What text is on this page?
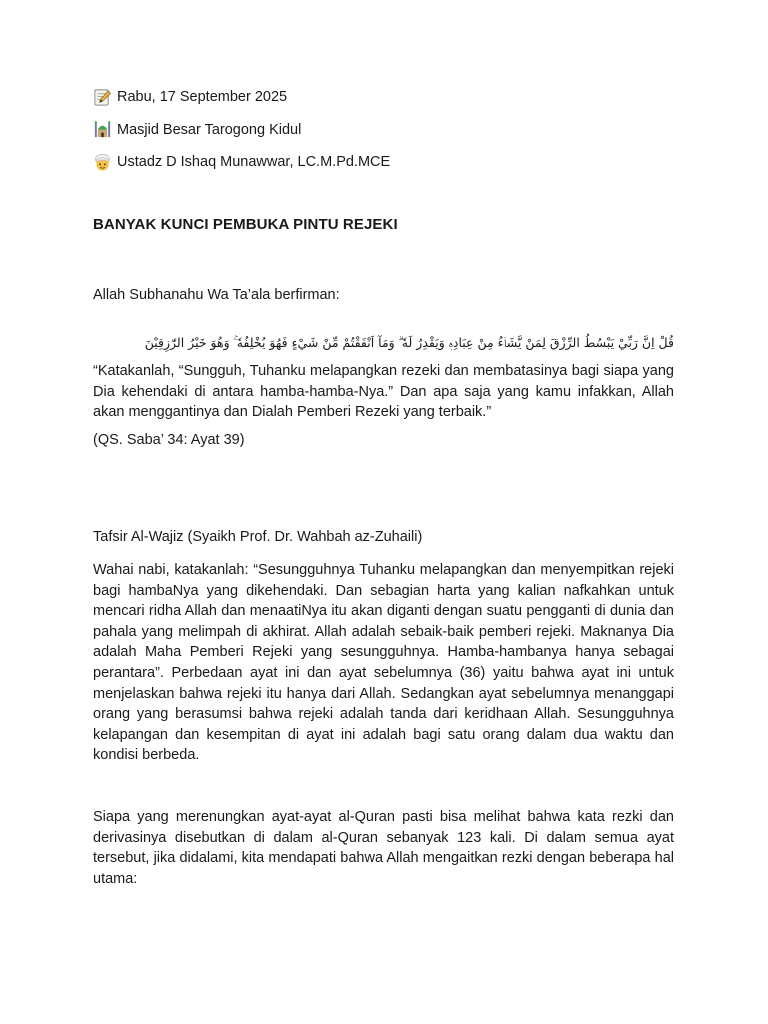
Rabu, 17 September 2025
Masjid Besar Tarogong Kidul
Ustadz D Ishaq Munawwar, LC.M.Pd.MCE
BANYAK KUNCI PEMBUKA PINTU REJEKI
Allah Subhanahu Wa Ta’ala berfirman:
قُلْ اِنَّ رَبِّيْ يَبْسُطُ الرِّزْقَ لِمَنْ يَّشَاۤءُ مِنْ عِبَادِهٖ وَيَقْدِرُ لَهٗ ۗ وَمَآ اَنْفَقْتُمْ مِّنْ شَيْءٍ فَهُوَ يُخْلِفُهٗ ۚ وَهُوَ خَيْرُ الرّٰزِقِيْنَ
“Katakanlah, “Sungguh, Tuhanku melapangkan rezeki dan membatasinya bagi siapa yang Dia kehendaki di antara hamba-hamba-Nya.” Dan apa saja yang kamu infakkan, Allah akan menggantinya dan Dialah Pemberi Rezeki yang terbaik.”
(QS. Saba’ 34: Ayat 39)
Tafsir Al-Wajiz (Syaikh Prof. Dr. Wahbah az-Zuhaili)
Wahai nabi, katakanlah: “Sesungguhnya Tuhanku melapangkan dan menyempitkan rejeki bagi hambaNya yang dikehendaki. Dan sebagian harta yang kalian nafkahkan untuk mencari ridha Allah dan menaatiNya itu akan diganti dengan suatu pengganti di dunia dan pahala yang melimpah di akhirat. Allah adalah sebaik-baik pemberi rejeki. Maknanya Dia adalah Maha Pemberi Rejeki yang sesungguhnya. Hamba-hambanya hanya sebagai perantara”. Perbedaan ayat ini dan ayat sebelumnya (36) yaitu bahwa ayat ini untuk menjelaskan bahwa rejeki itu hanya dari Allah. Sedangkan ayat sebelumnya menanggapi orang yang berasumsi bahwa rejeki adalah tanda dari keridhaan Allah. Sesungguhnya kelapangan dan kesempitan di ayat ini adalah bagi satu orang dalam dua waktu dan kondisi berbeda.
Siapa yang merenungkan ayat-ayat al-Quran pasti bisa melihat bahwa kata rezki dan derivasinya disebutkan di dalam al-Quran sebanyak 123 kali. Di dalam semua ayat tersebut, jika didalami, kita mendapati bahwa Allah mengaitkan rezki dengan beberapa hal utama:
